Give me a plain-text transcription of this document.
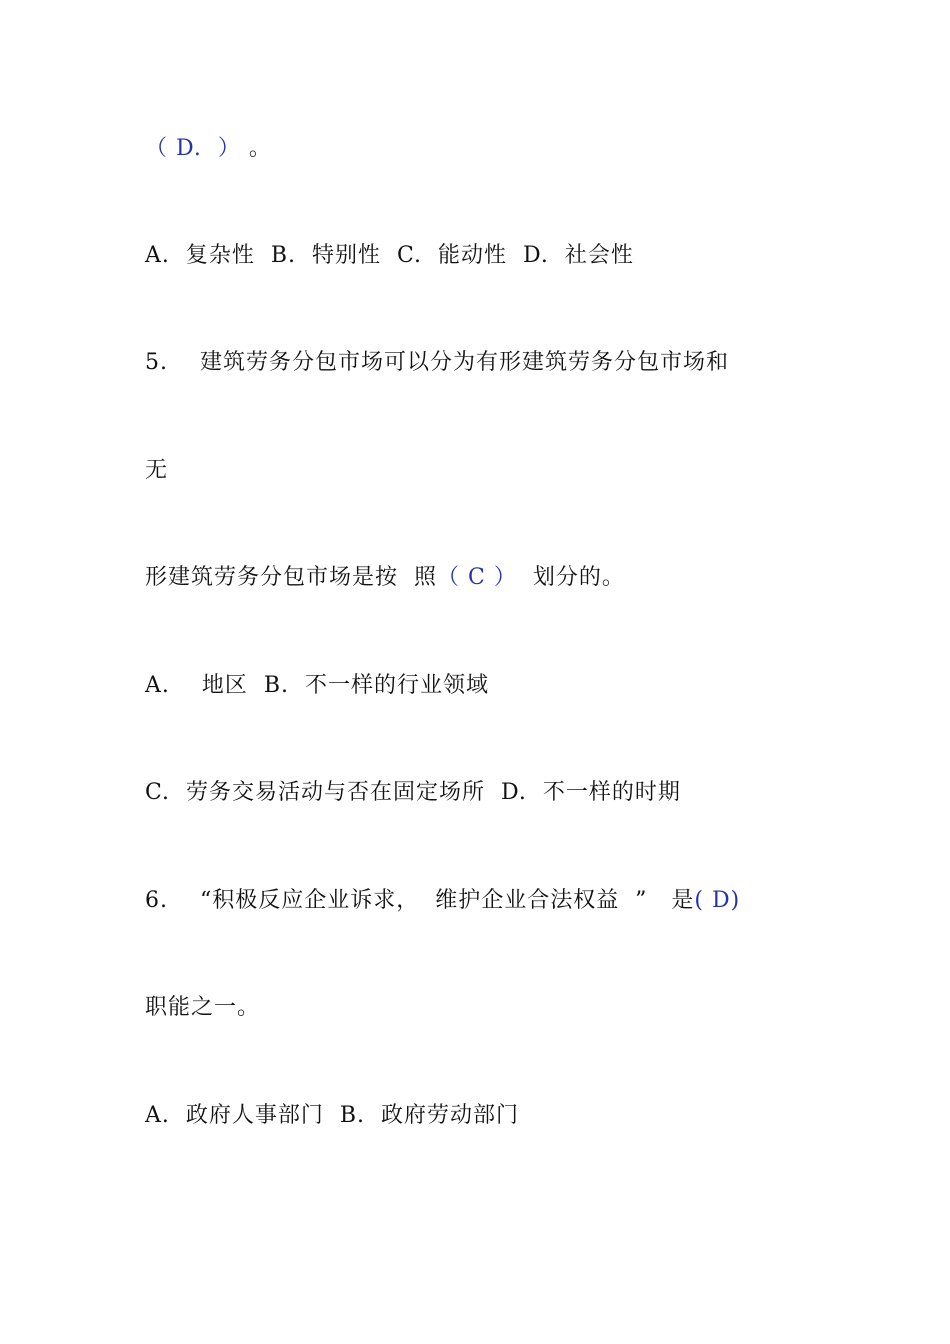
（ D.  ） 。
A.  复杂性  B.  特别性  C.  能动性  D.  社会性
5.    建筑劳务分包市场可以分为有形建筑劳务分包市场和
无
形建筑劳务分包市场是按  照（ C ）  划分的。
A.    地区  B.  不一样的行业领域
C.  劳务交易活动与否在固定场所  D.  不一样的时期
6.    “积极反应企业诉求，  维护企业合法权益  ”   是( D)
职能之一。
A.  政府人事部门  B.  政府劳动部门
